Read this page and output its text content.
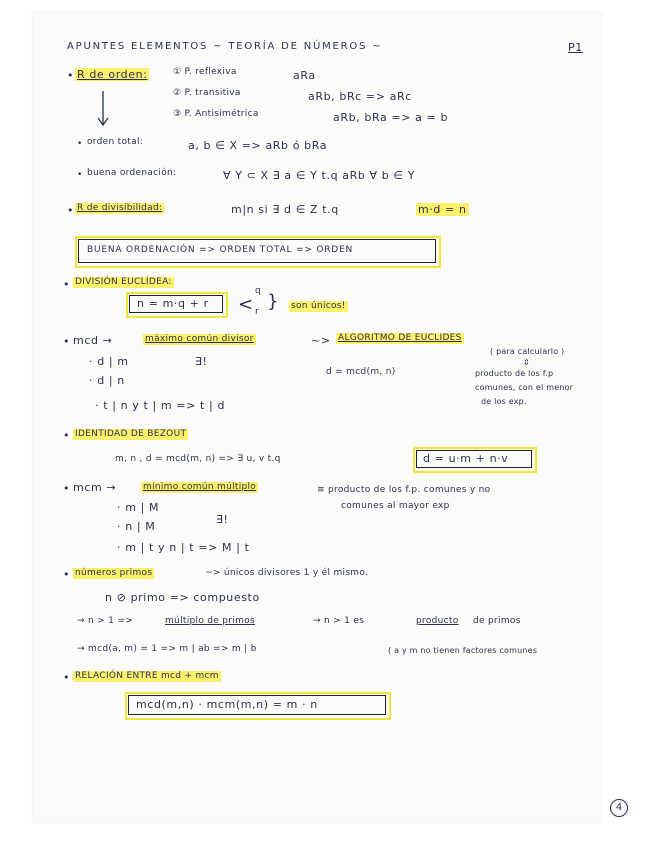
APUNTES ELEMENTOS ~ TEORÍA DE NÚMEROS ~	P1
• R de orden:	① P. reflexiva
② P. transitiva
③ P. Antisimétrica
aRa
aRb, bRc => aRc
aRb, bRa => a = b
• orden total:	a, b ∈ X => aRb ó bRa
• buena ordenación:	∀ Y ⊂ X ∃ a ∈ Y t.q aRb ∀ b ∈ Y
• R de divisibilidad:	m|n si ∃ d ∈ Z t.q	m·d = n
BUENA ORDENACIÓN => ORDEN TOTAL => ORDEN
• DIVISIÓN EUCLÍDEA:
n = m·q + r <
q
r } son únicos!
• mcd →	máximo común divisor	~> ALGORITMO DE EUCLIDES
( para calcularlo )
· d | m
· d | n
· t | n y t | m => t | d
∃!
d = mcd(m, n)
⇕
producto de los f.p
comunes, con el menor
de los exp.
• IDENTIDAD DE BEZOUT
m, n , d = mcd(m, n) => ∃ u, v t.q	d = u·m + n·v
• mcm →	mínimo común múltiplo	≡ producto de los f.p. comunes y no
comunes al mayor exp
· m | M
· n | M
· m | t y n | t => M | t
∃!
• números primos	~> únicos divisores 1 y él mismo.
n ⊘ primo => compuesto
→ n > 1 =>	múltiplo de primos	→ n > 1 es	producto de primos
→ mcd(a, m) = 1 => m | ab => m | b	( a y m no tienen factores comunes
• RELACIÓN ENTRE mcd + mcm
mcd(m,n) · mcm(m,n) = m · n
4
